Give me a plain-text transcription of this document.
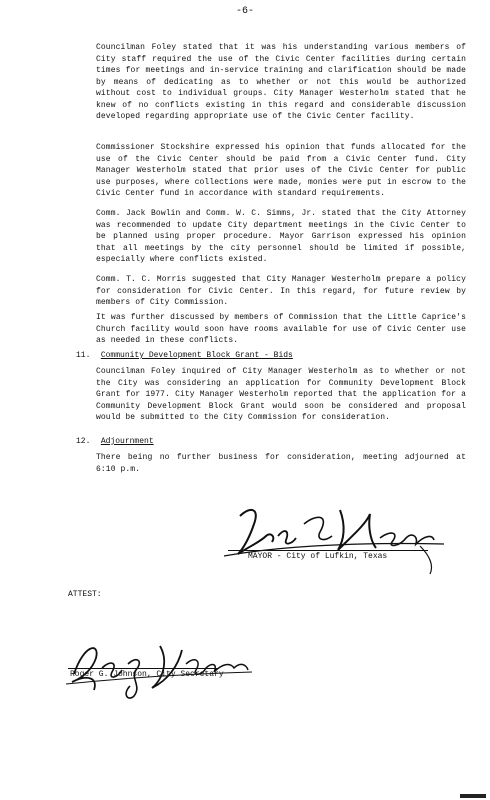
-6-

Councilman Foley stated that it was his understanding various members of City staff required the use of the Civic Center facilities during certain times for meetings and in-service training and clarification should be made by means of dedicating as to whether or not this would be authorized without cost to individual groups. City Manager Westerholm stated that he knew of no conflicts existing in this regard and considerable discussion developed regarding appropriate use of the Civic Center facility.

Commissioner Stockshire expressed his opinion that funds allocated for the use of the Civic Center should be paid from a Civic Center fund. City Manager Westerholm stated that prior uses of the Civic Center for public use purposes, where collections were made, monies were put in escrow to the Civic Center fund in accordance with standard requirements.

Comm. Jack Bowlin and Comm. W. C. Simms, Jr. stated that the City Attorney was recommended to update City department meetings in the Civic Center to be planned using proper procedure. Mayor Garrison expressed his opinion that all meetings by the city personnel should be limited if possible, especially where conflicts existed.

Comm. T. C. Morris suggested that City Manager Westerholm prepare a policy for consideration for Civic Center. In this regard, for future review by members of City Commission.

It was further discussed by members of Commission that the Little Caprice's Church facility would soon have rooms available for use of Civic Center use as needed in these conflicts.

11. Community Development Block Grant - Bids

Councilman Foley inquired of City Manager Westerholm as to whether or not the City was considering an application for Community Development Block Grant for 1977. City Manager Westerholm reported that the application for a Community Development Block Grant would soon be considered and proposal would be submitted to the City Commission for consideration.

12. Adjournment

There being no further business for consideration, meeting adjourned at 6:10 p.m.

MAYOR - City of Lufkin, Texas
ATTEST:
Roger G. Johnson, City Secretary
